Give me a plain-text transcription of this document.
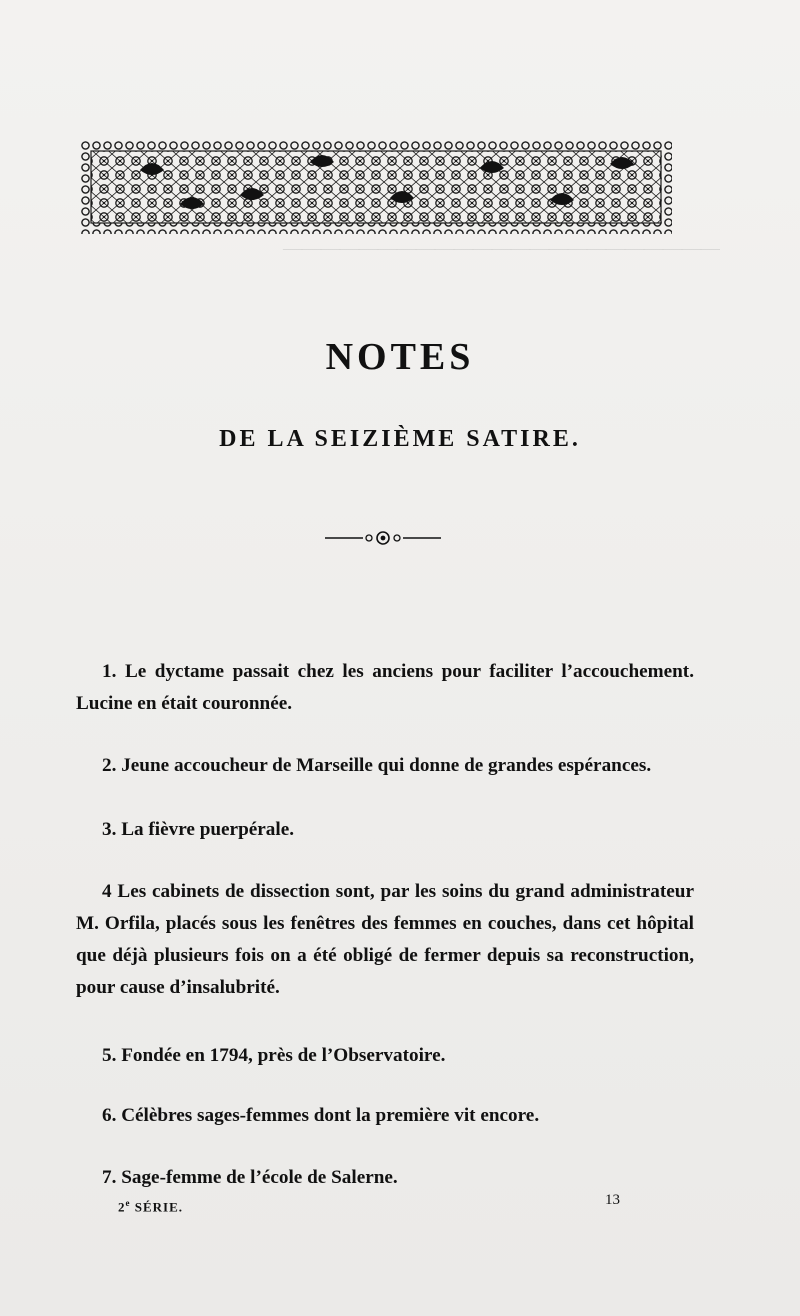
———————————————————————
NOTES
DE LA SEIZIÈME SATIRE.

1. Le dyctame passait chez les anciens pour faciliter l’accouchement. Lucine en était couronnée.

2. Jeune accoucheur de Marseille qui donne de grandes espérances.

3. La fièvre puerpérale.

4 Les cabinets de dissection sont, par les soins du grand administrateur M. Orfila, placés sous les fenêtres des femmes en couches, dans cet hôpital que déjà plusieurs fois on a été obligé de fermer depuis sa reconstruction, pour cause d’insalubrité.

5. Fondée en 1794, près de l’Observatoire.

6. Célèbres sages-femmes dont la première vit encore.

7. Sage-femme de l’école de Salerne.

2e SÉRIE.	13
